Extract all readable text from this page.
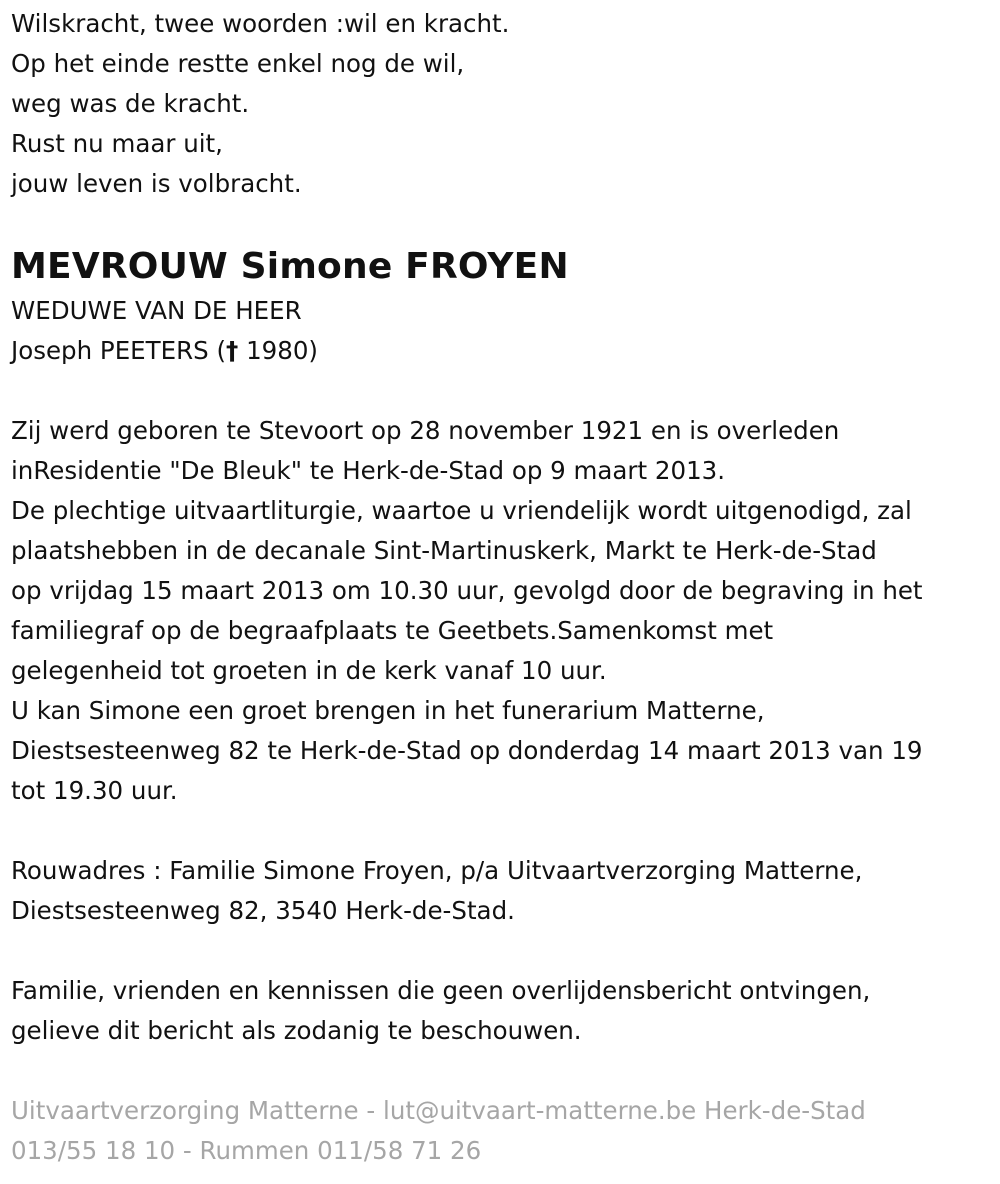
Wilskracht, twee woorden :wil en kracht.
Op het einde restte enkel nog de wil,
weg was de kracht.
Rust nu maar uit,
jouw leven is volbracht.
MEVROUW Simone FROYEN
WEDUWE VAN DE HEER
Joseph PEETERS († 1980)
Zij werd geboren te Stevoort op 28 november 1921 en is overleden
inResidentie "De Bleuk" te Herk-de-Stad op 9 maart 2013.
De plechtige uitvaartliturgie, waartoe u vriendelijk wordt uitgenodigd, zal
plaatshebben in de decanale Sint-Martinuskerk, Markt te Herk-de-Stad
op vrijdag 15 maart 2013 om 10.30 uur, gevolgd door de begraving in het
familiegraf op de begraafplaats te Geetbets.Samenkomst met
gelegenheid tot groeten in de kerk vanaf 10 uur.
U kan Simone een groet brengen in het funerarium Matterne,
Diestsesteenweg 82 te Herk-de-Stad op donderdag 14 maart 2013 van 19
tot 19.30 uur.
Rouwadres : Familie Simone Froyen, p/a Uitvaartverzorging Matterne,
Diestsesteenweg 82, 3540 Herk-de-Stad.
Familie, vrienden en kennissen die geen overlijdensbericht ontvingen,
gelieve dit bericht als zodanig te beschouwen.
Uitvaartverzorging Matterne - lut@uitvaart-matterne.be Herk-de-Stad
013/55 18 10 - Rummen 011/58 71 26
